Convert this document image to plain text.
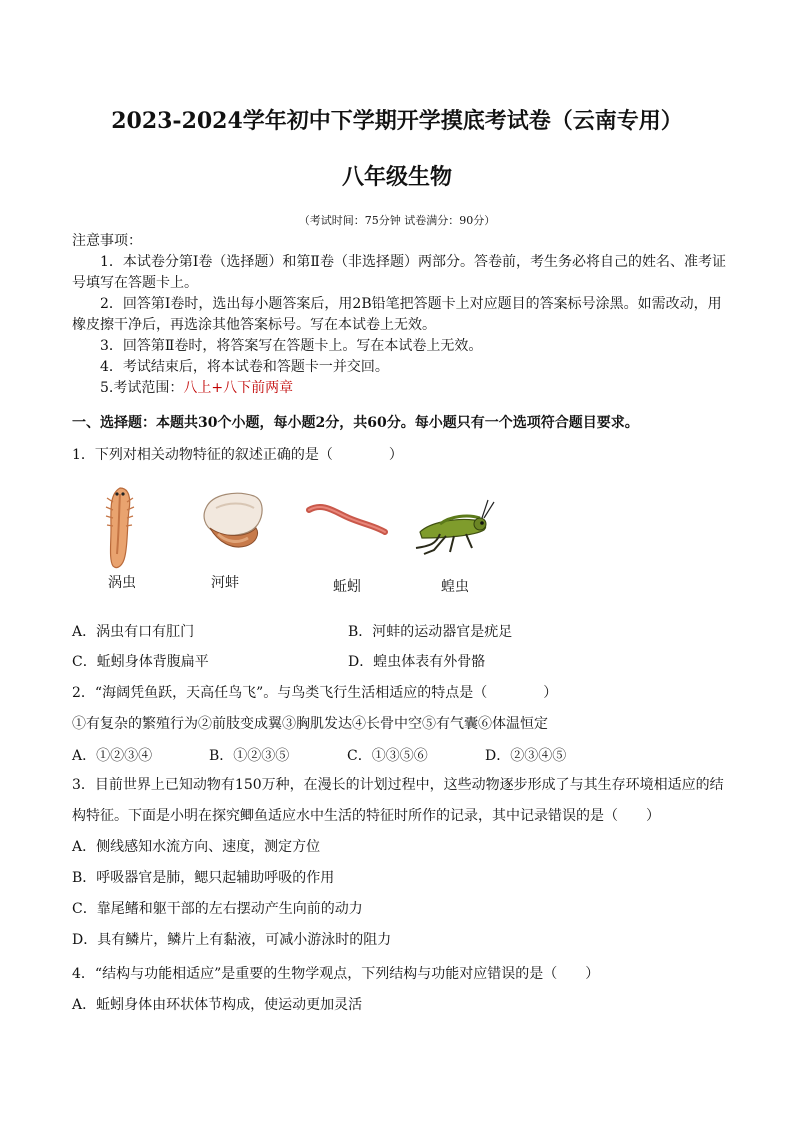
2023-2024学年初中下学期开学摸底考试卷（云南专用）
八年级生物
（考试时间：75分钟 试卷满分：90分）

注意事项：

1．本试卷分第Ⅰ卷（选择题）和第Ⅱ卷（非选择题）两部分。答卷前，考生务必将自己的姓名、准考证号填写在答题卡上。

2．回答第Ⅰ卷时，选出每小题答案后，用2B铅笔把答题卡上对应题目的答案标号涂黑。如需改动，用橡皮擦干净后，再选涂其他答案标号。写在本试卷上无效。

3．回答第Ⅱ卷时，将答案写在答题卡上。写在本试卷上无效。

4．考试结束后，将本试卷和答题卡一并交回。

5.考试范围：八上+八下前两章

一、选择题：本题共30个小题，每小题2分，共60分。每小题只有一个选项符合题目要求。
1．下列对相关动物特征的叙述正确的是（　　　　）
涡虫	河蚌	蚯蚓	蝗虫
A．涡虫有口有肛门	B．河蚌的运动器官是疣足
C．蚯蚓身体背腹扁平	D．蝗虫体表有外骨骼
2．“海阔凭鱼跃，天高任鸟飞”。与鸟类飞行生活相适应的特点是（　　　　）
①有复杂的繁殖行为②前肢变成翼③胸肌发达④长骨中空⑤有气囊⑥体温恒定
A．①②③④	B．①②③⑤	C．①③⑤⑥	D．②③④⑤

3．目前世界上已知动物有150万种，在漫长的计划过程中，这些动物逐步形成了与其生存环境相适应的结构特征。下面是小明在探究鲫鱼适应水中生活的特征时所作的记录，其中记录错误的是（　　）

A．侧线感知水流方向、速度，测定方位

B．呼吸器官是肺，鳃只起辅助呼吸的作用

C．靠尾鳍和躯干部的左右摆动产生向前的动力

D．具有鳞片，鳞片上有黏液，可减小游泳时的阻力

4．“结构与功能相适应”是重要的生物学观点，下列结构与功能对应错误的是（　　）
A．蚯蚓身体由环状体节构成，使运动更加灵活
